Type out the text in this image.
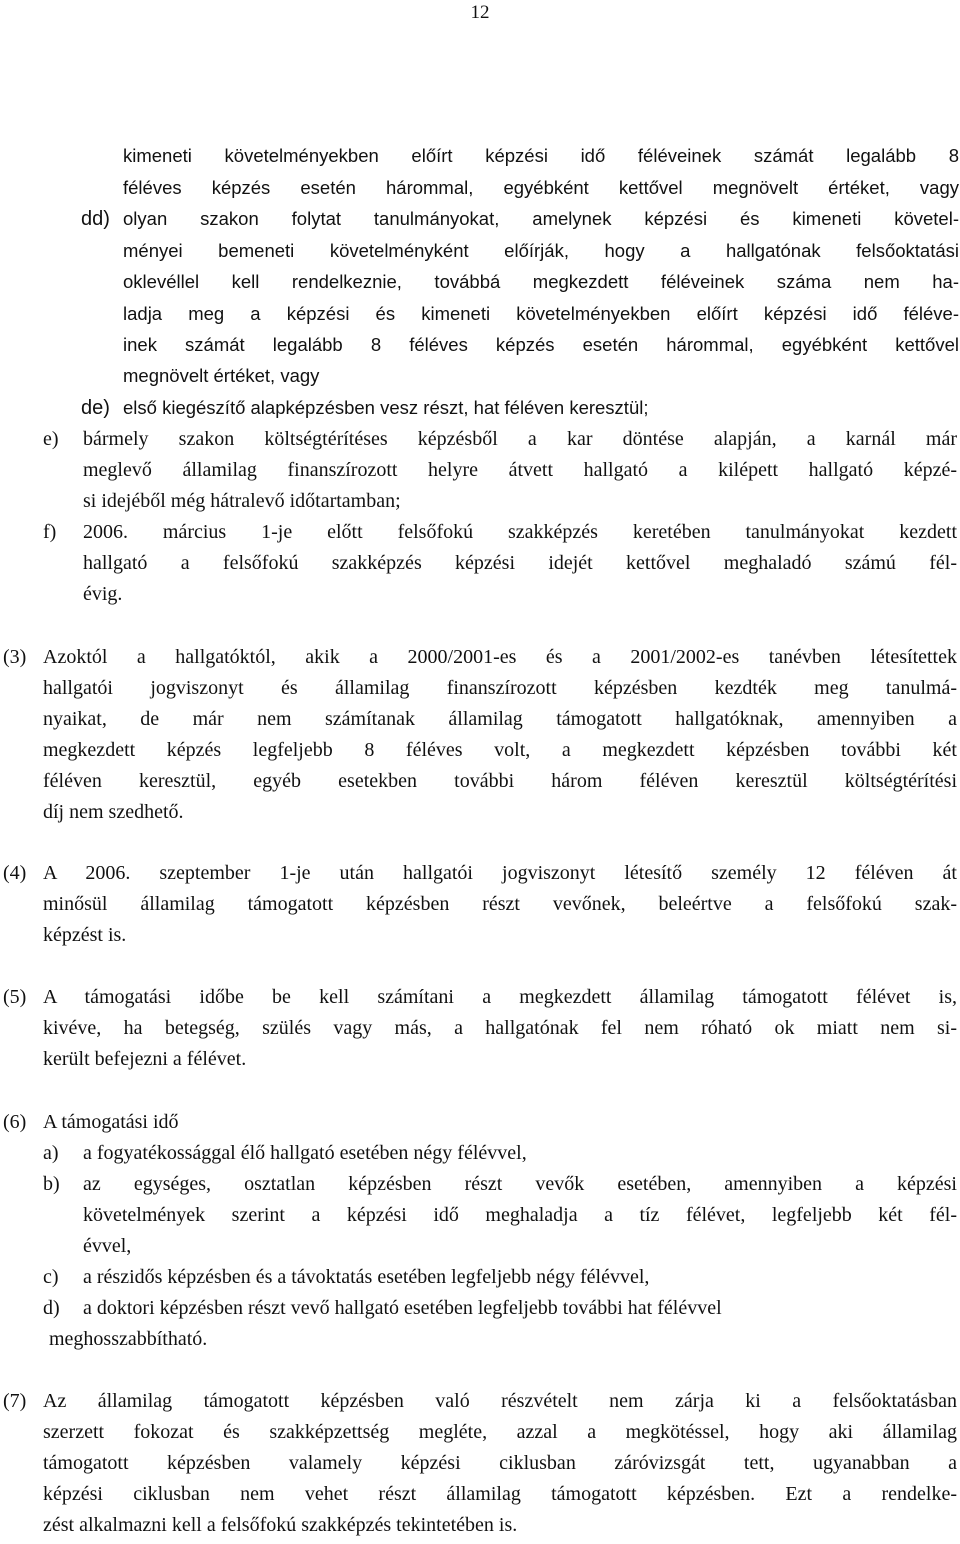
12
kimeneti követelményekben előírt képzési idő féléveinek számát legalább 8
féléves képzés esetén hárommal, egyébként kettővel megnövelt értéket, vagy
dd) olyan szakon folytat tanulmányokat, amelynek képzési és kimeneti követel-
ményei bemeneti követelményként előírják, hogy a hallgatónak felsőoktatási
oklevéllel kell rendelkeznie, továbbá megkezdett féléveinek száma nem ha-
ladja meg a képzési és kimeneti követelményekben előírt képzési idő féléve-
inek számát legalább 8 féléves képzés esetén hárommal, egyébként kettővel
megnövelt értéket, vagy
de) első kiegészítő alapképzésben vesz részt, hat féléven keresztül;
e) bármely szakon költségtérítéses képzésből a kar döntése alapján, a karnál már
meglevő államilag finanszírozott helyre átvett hallgató a kilépett hallgató képzé-
si idejéből még hátralevő időtartamban;
f) 2006. március 1-je előtt felsőfokú szakképzés keretében tanulmányokat kezdett
hallgató a felsőfokú szakképzés képzési idejét kettővel meghaladó számú fél-
évig.
(3) Azoktól a hallgatóktól, akik a 2000/2001-es és a 2001/2002-es tanévben létesítettek
hallgatói jogviszonyt és államilag finanszírozott képzésben kezdték meg tanulmá-
nyaikat, de már nem számítanak államilag támogatott hallgatóknak, amennyiben a
megkezdett képzés legfeljebb 8 féléves volt, a megkezdett képzésben további két
féléven keresztül, egyéb esetekben további három féléven keresztül költségtérítési
díj nem szedhető.
(4) A 2006. szeptember 1-je után hallgatói jogviszonyt létesítő személy 12 féléven át
minősül államilag támogatott képzésben részt vevőnek, beleértve a felsőfokú szak-
képzést is.
(5) A támogatási időbe be kell számítani a megkezdett államilag támogatott félévet is,
kivéve, ha betegség, szülés vagy más, a hallgatónak fel nem róható ok miatt nem si-
került befejezni a félévet.
(6) A támogatási idő
a) a fogyatékossággal élő hallgató esetében négy félévvel,
b) az egységes, osztatlan képzésben részt vevők esetében, amennyiben a képzési
követelmények szerint a képzési idő meghaladja a tíz félévet, legfeljebb két fél-
évvel,
c) a részidős képzésben és a távoktatás esetében legfeljebb négy félévvel,
d) a doktori képzésben részt vevő hallgató esetében legfeljebb további hat félévvel
meghosszabbítható.
(7) Az államilag támogatott képzésben való részvételt nem zárja ki a felsőoktatásban
szerzett fokozat és szakképzettség megléte, azzal a megkötéssel, hogy aki államilag
támogatott képzésben valamely képzési ciklusban záróvizsgát tett, ugyanabban a
képzési ciklusban nem vehet részt államilag támogatott képzésben. Ezt a rendelke-
zést alkalmazni kell a felsőfokú szakképzés tekintetében is.
